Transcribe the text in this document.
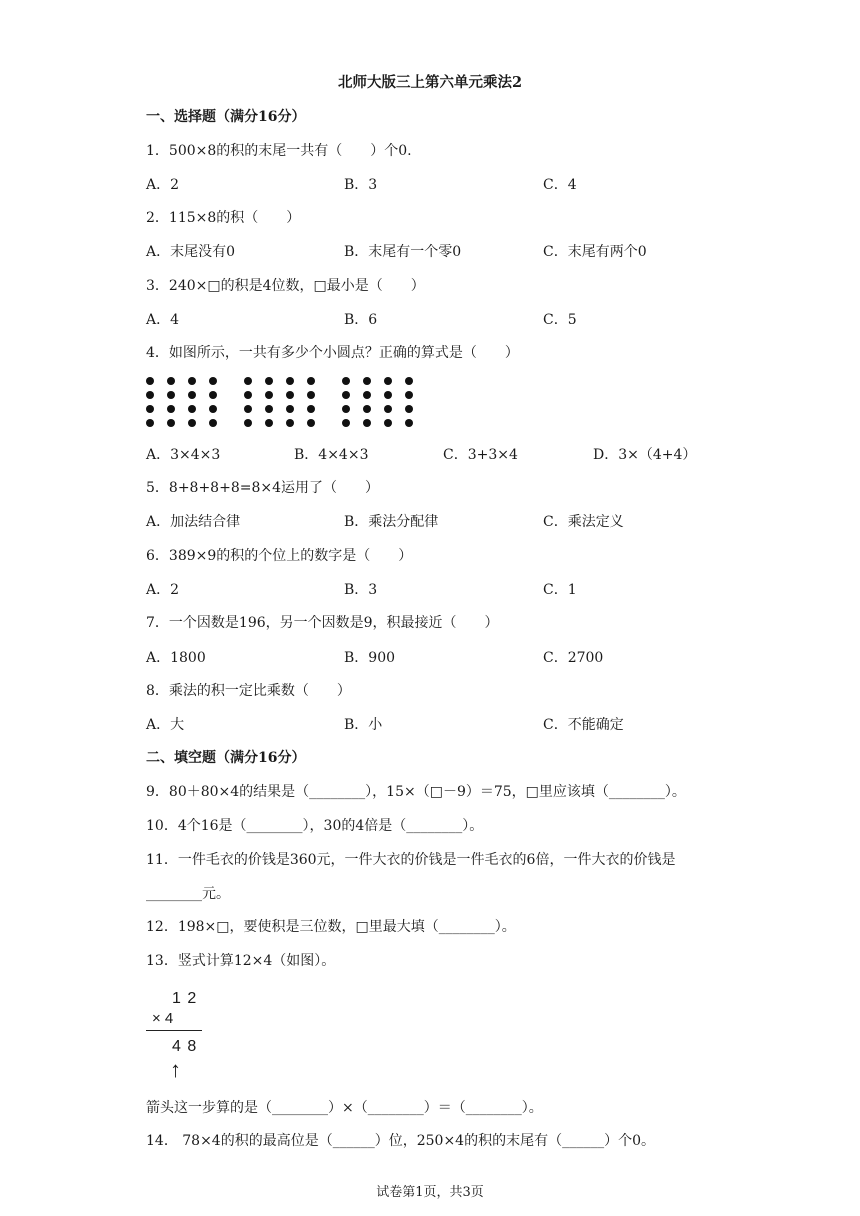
北师大版三上第六单元乘法2
一、选择题（满分16分）
1．500×8的积的末尾一共有（　　）个0.
A．2	B．3	C．4
2．115×8的积（　　）
A．末尾没有0	B．末尾有一个零0	C．末尾有两个0
3．240×□的积是4位数，□最小是（　　）
A．4	B．6	C．5
4．如图所示，一共有多少个小圆点？正确的算式是（　　）
A．3×4×3	B．4×4×3	C．3+3×4	D．3×（4+4）
5．8+8+8+8=8×4运用了（　　）
A．加法结合律	B．乘法分配律	C．乘法定义
6．389×9的积的个位上的数字是（　　）
A．2	B．3	C．1
7．一个因数是196，另一个因数是9，积最接近（　　）
A．1800	B．900	C．2700
8．乘法的积一定比乘数（　　）
A．大	B．小	C．不能确定
二、填空题（满分16分）
9．80＋80×4的结果是（________），15×（□－9）＝75，□里应该填（________）。
10．4个16是（________），30的4倍是（________）。
11．一件毛衣的价钱是360元，一件大衣的价钱是一件毛衣的6倍，一件大衣的价钱是
________元。
12．198×□，要使积是三位数，□里最大填（________）。
13．竖式计算12×4（如图）。
1 2
× 4
4 8
↑
箭头这一步算的是（________）×（________）＝（________）。
14． 78×4的积的最高位是（______）位，250×4的积的末尾有（______）个0。
试卷第1页，共3页
